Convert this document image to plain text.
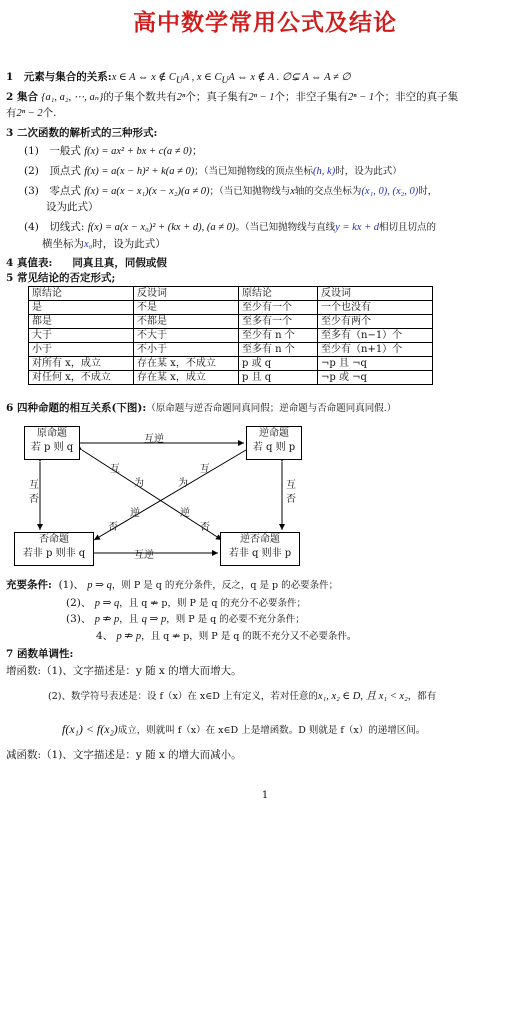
高中数学常用公式及结论
1　元素与集合的关系:x ∈ A ⇔ x ∉ $C_UA$ , x ∈ $C_UA$ ⇔ x ∉ A . ∅⊊ A ⇔ A ≠ ∅
2 集合 {a₁, a₂, ⋯, aₙ}的子集个数共有2ⁿ个；真子集有2ⁿ − 1个；非空子集有2ⁿ − 1个；非空的真子集
有2ⁿ − 2个.
3 二次函数的解析式的三种形式:
(1)　一般式 f(x) = ax² + bx + c(a ≠ 0)；
(2)　顶点式 f(x) = a(x − h)² + k(a ≠ 0)；（当已知抛物线的顶点坐标(h, k)时，设为此式）
(3)　零点式 f(x) = a(x − x₁)(x − x₂)(a ≠ 0)；（当已知抛物线与x轴的交点坐标为(x₁, 0), (x₂, 0)时，
设为此式）
(4)　切线式: f(x) = a(x − x₀)² + (kx + d), (a ≠ 0)。（当已知抛物线与直线y = kx + d相切且切点的
横坐标为x₀时，设为此式）
4 真值表: 同真且真，同假或假
5 常见结论的否定形式;
原结论	反设词	原结论	反设词
是	不是	至少有一个	一个也没有
都是	不都是	至多有一个	至少有两个
大于	不大于	至少有 n 个	至多有（n−1）个
小于	不小于	至多有 n 个	至少有（n+1）个
对所有 x，成立	存在某 x，不成立	p 或 q	¬p 且 ¬q
对任何 x，不成立	存在某 x，成立	p 且 q	¬p 或 ¬q
6 四种命题的相互关系(下图):（原命题与逆否命题同真同假；逆命题与否命题同真同假.）
原命题
若 p 则 q
逆命题
若 q 则 p
否命题
若非 p 则非 q
逆否命题
若非 q 则非 p
互逆
互逆
互
否
互
否
互
为
互
为
逆
否
逆
否
充要条件: (1)、 p ⇒ q，则 P 是 q 的充分条件，反之，q 是 p 的必要条件；
(2)、 p ⇒ q，且 q ⇏ p，则 P 是 q 的充分不必要条件；
(3)、 p ⇏ p，且 q ⇒ p，则 P 是 q 的必要不充分条件；
4、 p ⇏ p，且 q ⇏ p，则 P 是 q 的既不充分又不必要条件。
7 函数单调性:
增函数:（1)、文字描述是：y 随 x 的增大而增大。
(2)、数学符号表述是：设 f（x）在 x∈D 上有定义，若对任意的x₁, x₂ ∈ D, 且 x₁ < x₂，都有
f(x₁) < f(x₂)成立，则就叫 f（x）在 x∈D 上是增函数。D 则就是 f（x）的递增区间。
减函数:（1)、文字描述是：y 随 x 的增大而减小。
1
